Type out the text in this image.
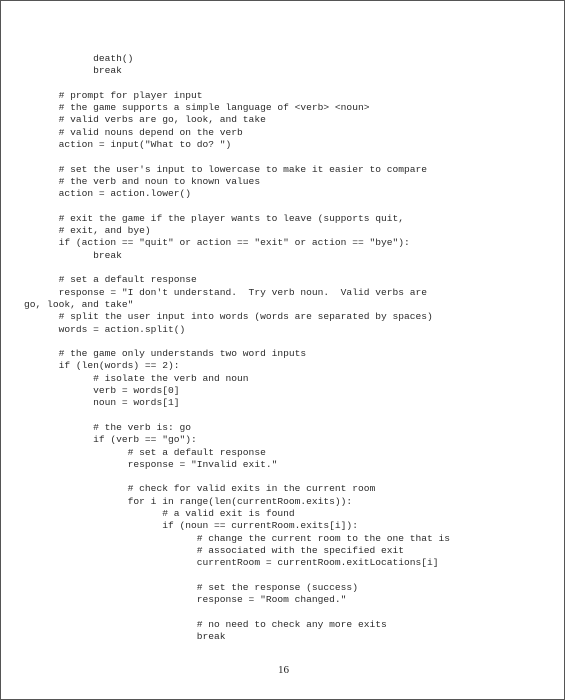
death()
break
# prompt for player input
# the game supports a simple language of <verb> <noun>
# valid verbs are go, look, and take
# valid nouns depend on the verb
action = input("What to do? ")
# set the user's input to lowercase to make it easier to compare
# the verb and noun to known values
action = action.lower()
# exit the game if the player wants to leave (supports quit,
# exit, and bye)
if (action == "quit" or action == "exit" or action == "bye"):
break
# set a default response
response = "I don't understand.  Try verb noun.  Valid verbs are
go, look, and take"
# split the user input into words (words are separated by spaces)
words = action.split()
# the game only understands two word inputs
if (len(words) == 2):
# isolate the verb and noun
verb = words[0]
noun = words[1]
# the verb is: go
if (verb == "go"):
# set a default response
response = "Invalid exit."
# check for valid exits in the current room
for i in range(len(currentRoom.exits)):
# a valid exit is found
if (noun == currentRoom.exits[i]):
# change the current room to the one that is
# associated with the specified exit
currentRoom = currentRoom.exitLocations[i]
# set the response (success)
response = "Room changed."
# no need to check any more exits
break
16
